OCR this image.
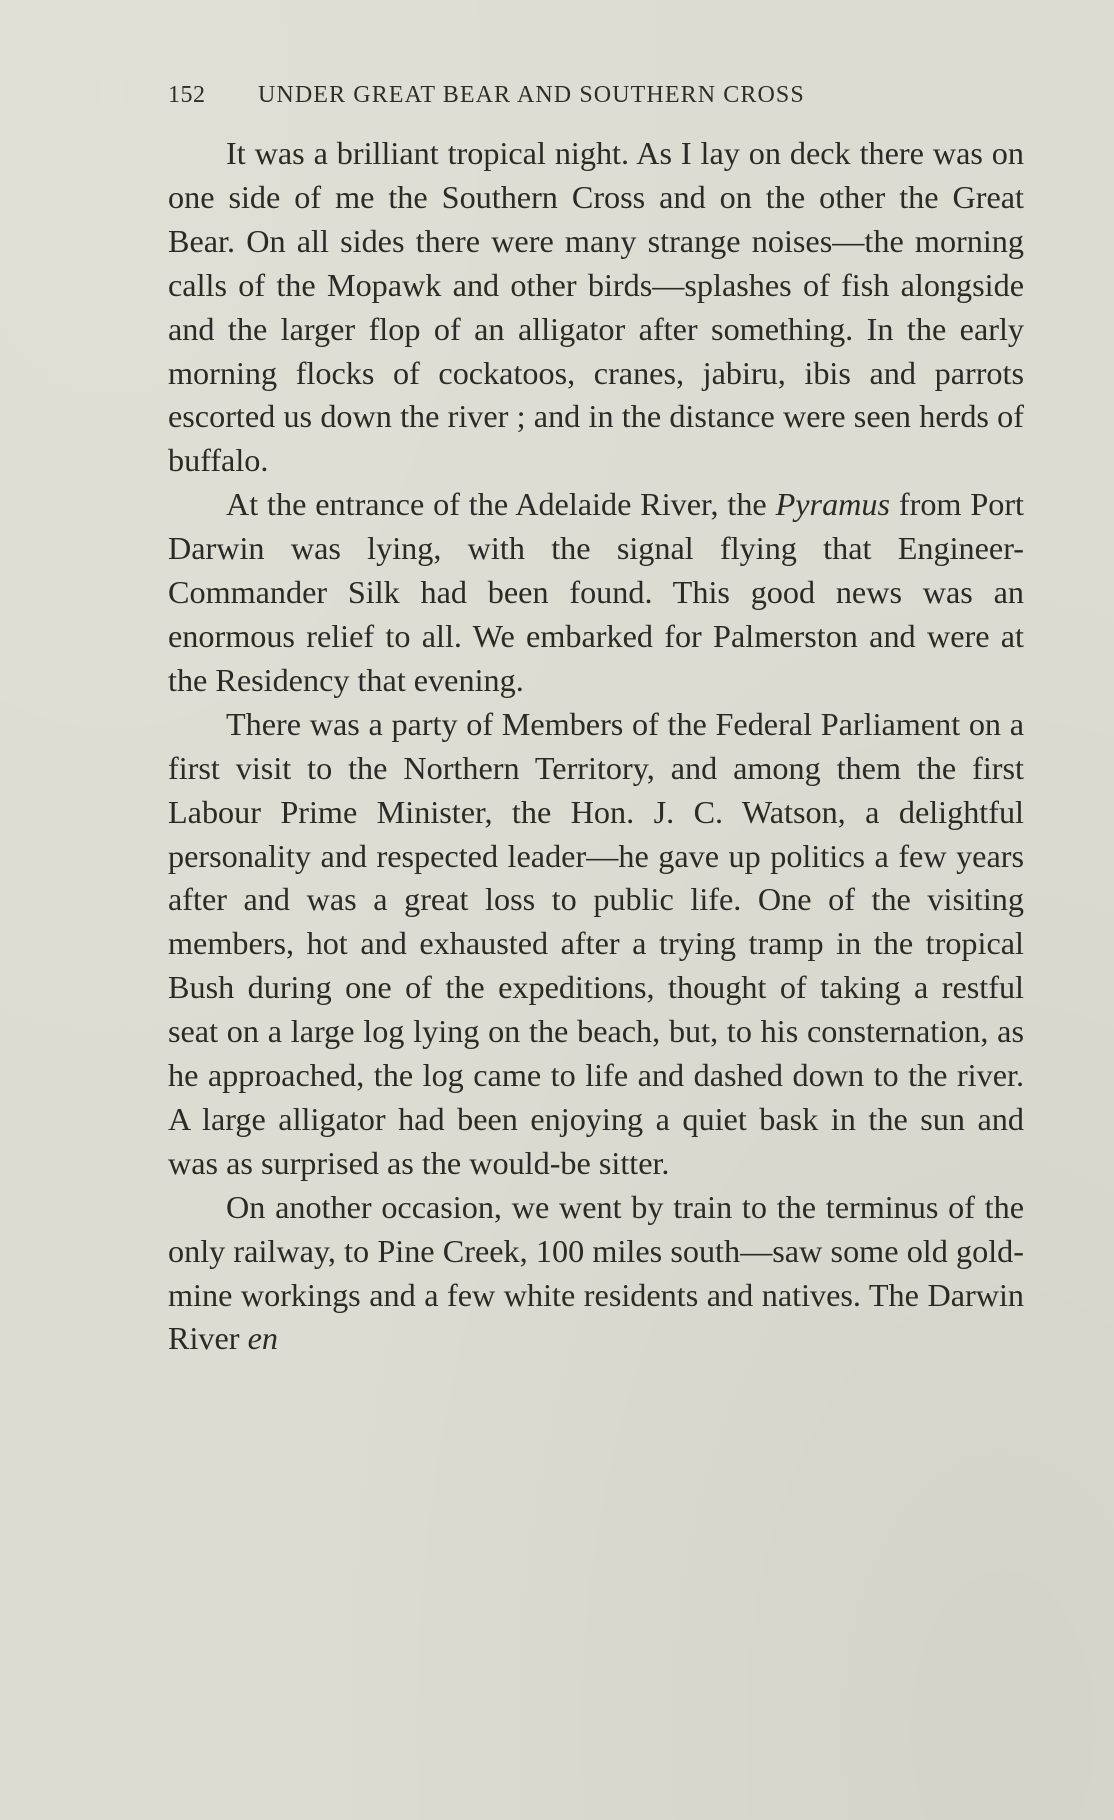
152	UNDER GREAT BEAR AND SOUTHERN CROSS

It was a brilliant tropical night. As I lay on deck there was on one side of me the Southern Cross and on the other the Great Bear. On all sides there were many strange noises—the morning calls of the Mopawk and other birds—splashes of fish alongside and the larger flop of an alligator after something. In the early morning flocks of cockatoos, cranes, jabiru, ibis and parrots escorted us down the river ; and in the distance were seen herds of buffalo.

At the entrance of the Adelaide River, the Pyramus from Port Darwin was lying, with the signal flying that Engineer-Commander Silk had been found. This good news was an enormous relief to all. We embarked for Palmerston and were at the Residency that evening.

There was a party of Members of the Federal Parliament on a first visit to the Northern Territory, and among them the first Labour Prime Minister, the Hon. J. C. Watson, a delightful personality and respected leader—he gave up politics a few years after and was a great loss to public life. One of the visiting members, hot and exhausted after a trying tramp in the tropical Bush during one of the expeditions, thought of taking a restful seat on a large log lying on the beach, but, to his consternation, as he approached, the log came to life and dashed down to the river. A large alligator had been enjoying a quiet bask in the sun and was as surprised as the would-be sitter.

On another occasion, we went by train to the terminus of the only railway, to Pine Creek, 100 miles south—saw some old gold-mine workings and a few white residents and natives. The Darwin River en
